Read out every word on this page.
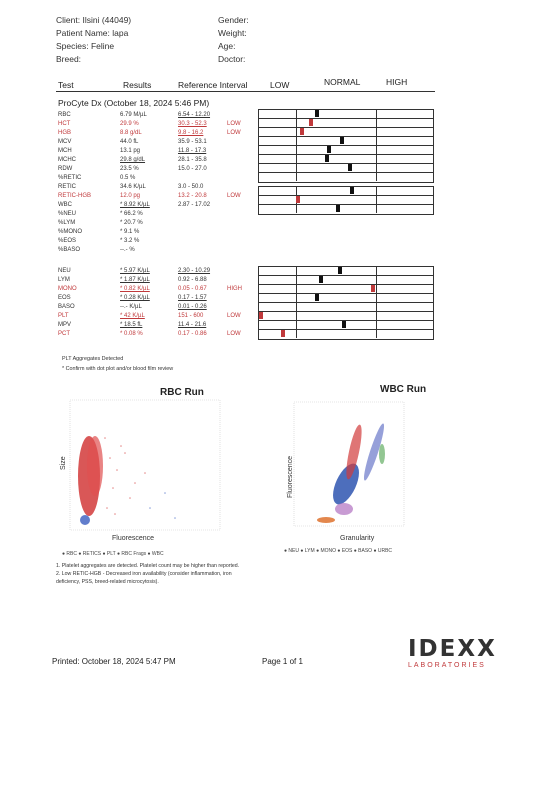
Client: Ilsini (44049)
Patient Name: lapa
Species: Feline
Breed:
Gender:
Weight:
Age:
Doctor:
Test	Results	Reference Interval	LOW	NORMAL	HIGH
ProCyte Dx (October 18, 2024 5:46 PM)
RBC	6.79 M/µL	6.54 - 12.20
HCT	29.9 %	30.3 - 52.3	LOW
HGB	8.8 g/dL	9.8 - 16.2	LOW
MCV	44.0 fL	35.9 - 53.1
MCH	13.1 pg	11.8 - 17.3
MCHC	29.8 g/dL	28.1 - 35.8
RDW	23.5 %	15.0 - 27.0
%RETIC	0.5 %
RETIC	34.6 K/µL	3.0 - 50.0
RETIC-HGB	12.0 pg	13.2 - 20.8	LOW
WBC	* 8.92 K/µL	2.87 - 17.02
%NEU	* 66.2 %
%LYM	* 20.7 %
%MONO	* 9.1 %
%EOS	* 3.2 %
%BASO	--.- %
NEU	* 5.97 K/µL	2.30 - 10.29
LYM	* 1.87 K/µL	0.92 - 6.88
MONO	* 0.82 K/µL	0.05 - 0.67	HIGH
EOS	* 0.28 K/µL	0.17 - 1.57
BASO	--.- K/µL	0.01 - 0.26
PLT	* 42 K/µL	151 - 600	LOW
MPV	* 18.5 fL	11.4 - 21.6
PCT	* 0.08 %	0.17 - 0.86	LOW
PLT Aggregates Detected
* Confirm with dot plot and/or blood film review
RBC Run
Size
Fluorescence
● RBC ● RETICS ● PLT ● RBC Frags ● WBC
WBC Run
Fluorescence
Granularity
● NEU ● LYM ● MONO ● EOS ● BASO ● URBC
1. Platelet aggregates are detected. Platelet count may be higher than reported.
2. Low RETIC-HGB - Decreased iron availability (consider inflammation, iron
deficiency, PSS, breed-related microcytosis).
Printed: October 18, 2024 5:47 PM	Page 1 of 1	IDEXX
LABORATORIES
